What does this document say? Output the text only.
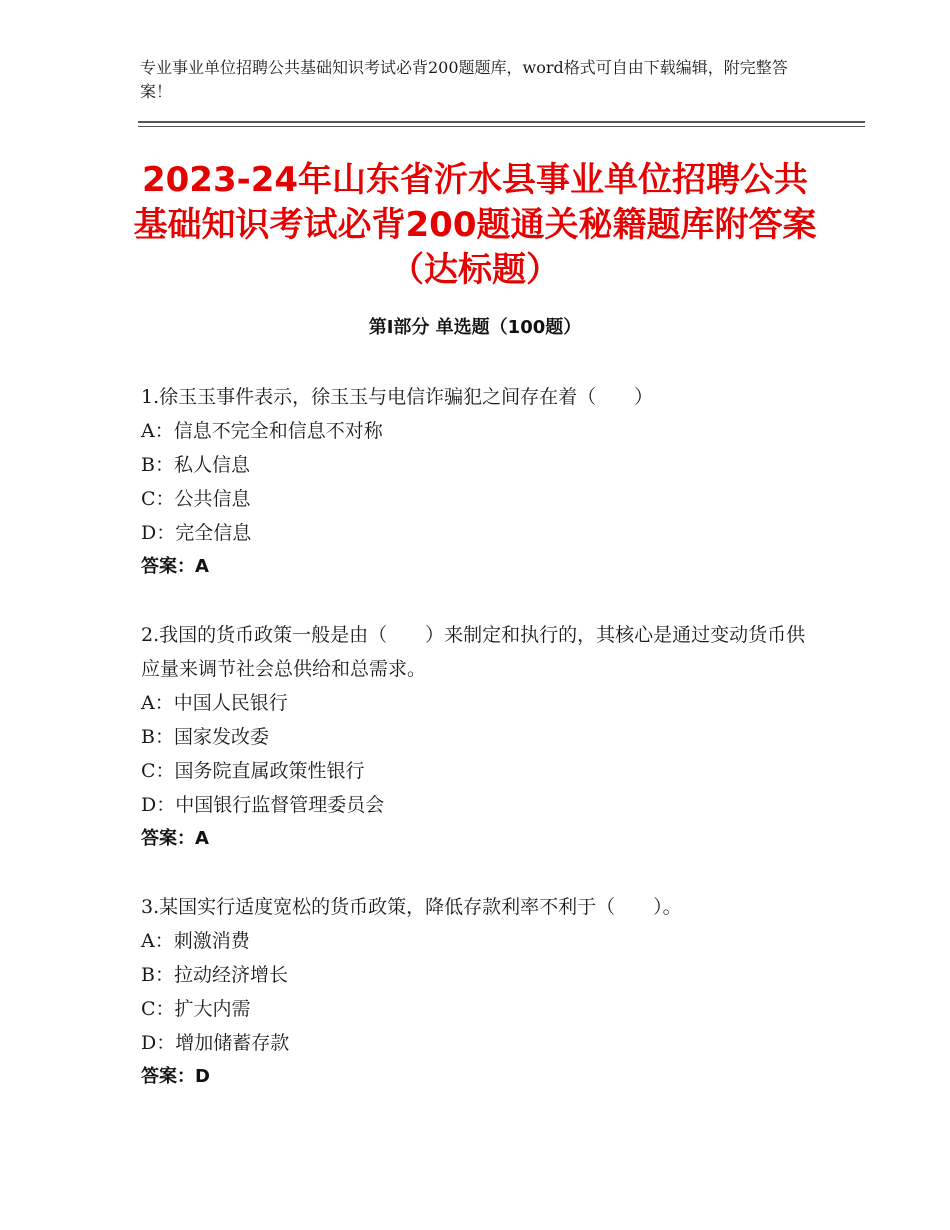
专业事业单位招聘公共基础知识考试必背200题题库，word格式可自由下载编辑，附完整答案！
2023-24年山东省沂水县事业单位招聘公共基础知识考试必背200题通关秘籍题库附答案（达标题）
第Ⅰ部分 单选题（100题）
1.徐玉玉事件表示，徐玉玉与电信诈骗犯之间存在着（　　）
A：信息不完全和信息不对称
B：私人信息
C：公共信息
D：完全信息
答案：A
2.我国的货币政策一般是由（　　）来制定和执行的，其核心是通过变动货币供应量来调节社会总供给和总需求。
A：中国人民银行
B：国家发改委
C：国务院直属政策性银行
D：中国银行监督管理委员会
答案：A
3.某国实行适度宽松的货币政策，降低存款利率不利于（　　）。
A：刺激消费
B：拉动经济增长
C：扩大内需
D：增加储蓄存款
答案：D
